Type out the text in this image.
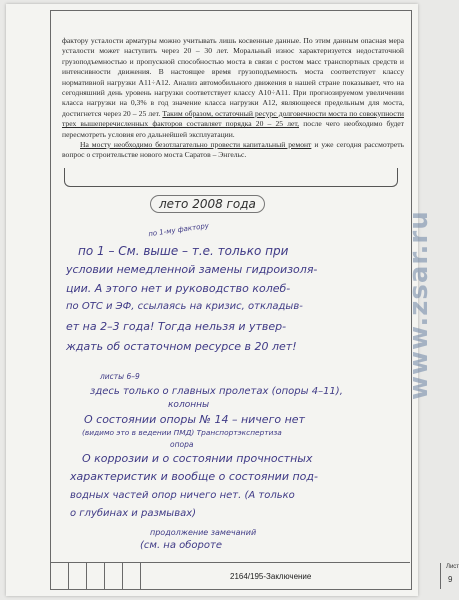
фактору усталости арматуры можно учитывать лишь косвенные данные. По этим данным опасная мера усталости может наступить через 20 – 30 лет. Моральный износ характеризуется недостаточной грузоподъемностью и пропускной способностью моста в связи с ростом масс транспортных средств и интенсивности движения. В настоящее время грузоподъемность моста соответствует классу нормативной нагрузки А11÷А12. Анализ автомобильного движения в нашей стране показывает, что на сегодняшний день уровень нагрузки соответствует классу А10÷А11. При прогнозируемом увеличении класса нагрузки на 0,3% в год значение класса нагрузки А12, являющееся предельным для моста, достигнется через 20 – 25 лет. Таким образом, остаточный ресурс долговечности моста по совокупности трех вышеперечисленных факторов составляет порядка 20 – 25 лет, после чего необходимо будет пересмотреть условия его дальнейшей эксплуатации.

На мосту необходимо безотлагательно провести капитальный ремонт и уже сегодня рассмотреть вопрос о строительстве нового моста Саратов – Энгельс.

лето 2008 года
по 1-му фактору
по 1 – См. выше – т.е. только при
условии немедленной замены гидроизоля-
ции. А этого нет и руководство колеб-
по ОТС и ЭФ, ссылаясь на кризис, откладыв-
ет на 2–3 года! Тогда нельзя и утвер-
ждать об остаточном ресурсе в 20 лет!
листы 6–9
здесь только о главных пролетах (опоры 4–11),
колонны
О состоянии опоры № 14 – ничего нет
(видимо это в ведении ПМД) Транспортэкспертиза
опора
О коррозии и о состоянии прочностных
характеристик и вообще о состоянии под-
водных частей опор ничего нет. (А только
о глубинах и размывах)
продолжение замечаний
(см. на обороте
www.zsar.ru
2164/195-Заключение
Лист
9
